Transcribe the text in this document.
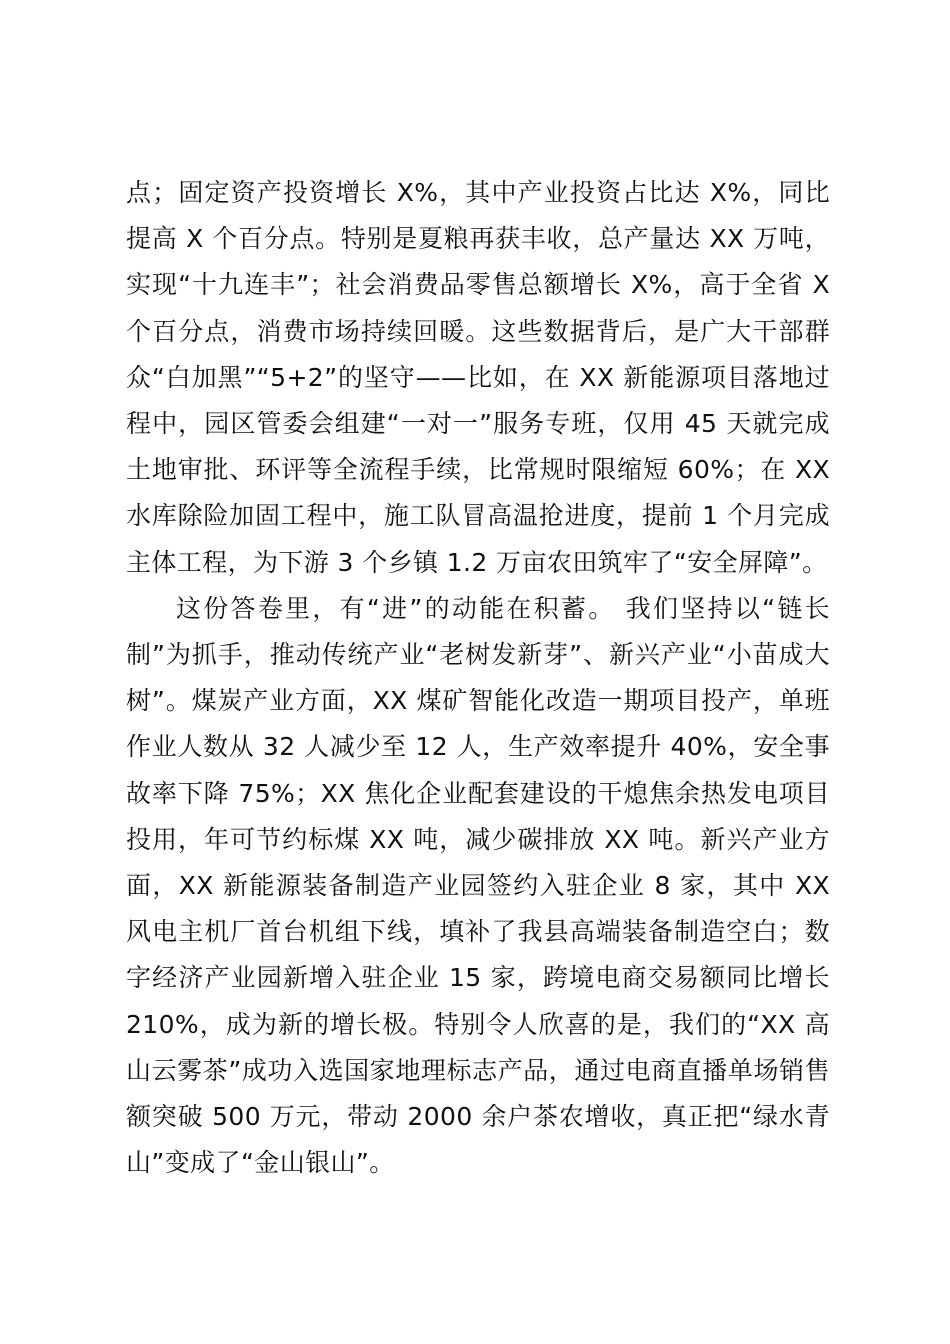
点；固定资产投资增长 X%，其中产业投资占比达 X%，同比提高 X 个百分点。特别是夏粮再获丰收，总产量达 XX 万吨，实现“十九连丰”；社会消费品零售总额增长 X%，高于全省 X 个百分点，消费市场持续回暖。这些数据背后，是广大干部群众“白加黑”“5+2”的坚守——比如，在 XX 新能源项目落地过程中，园区管委会组建“一对一”服务专班，仅用 45 天就完成土地审批、环评等全流程手续，比常规时限缩短 60%；在 XX 水库除险加固工程中，施工队冒高温抢进度，提前 1 个月完成主体工程，为下游 3 个乡镇 1.2 万亩农田筑牢了“安全屏障”。

这份答卷里，有“进”的动能在积蓄。 我们坚持以“链长制”为抓手，推动传统产业“老树发新芽”、新兴产业“小苗成大树”。煤炭产业方面，XX 煤矿智能化改造一期项目投产，单班作业人数从 32 人减少至 12 人，生产效率提升 40%，安全事故率下降 75%；XX 焦化企业配套建设的干熄焦余热发电项目投用，年可节约标煤 XX 吨，减少碳排放 XX 吨。新兴产业方面，XX 新能源装备制造产业园签约入驻企业 8 家，其中 XX 风电主机厂首台机组下线，填补了我县高端装备制造空白；数字经济产业园新增入驻企业 15 家，跨境电商交易额同比增长 210%，成为新的增长极。特别令人欣喜的是，我们的“XX 高山云雾茶”成功入选国家地理标志产品，通过电商直播单场销售额突破 500 万元，带动 2000 余户茶农增收，真正把“绿水青山”变成了“金山银山”。
